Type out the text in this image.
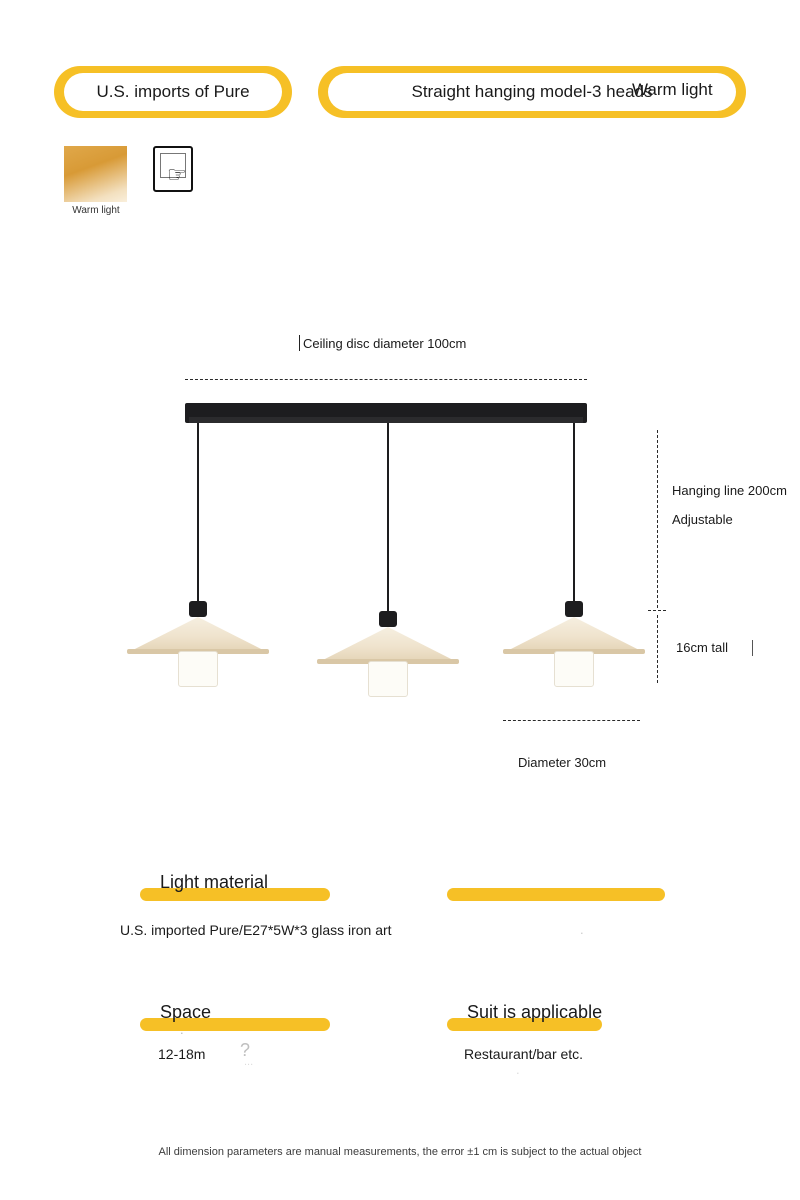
U.S. imports of Pure	Straight hanging model-3 heads
Warm light
Warm light
☞
Ceiling disc diameter 100cm
Hanging line 200cm
Adjustable
16cm tall
Diameter 30cm
Light material
U.S. imported Pure/E27*5W*3 glass iron art
Space
12-18m
Suit is applicable
Restaurant/bar etc.
.
?
...
.
.
All dimension parameters are manual measurements, the error ±1 cm is subject to the actual object
